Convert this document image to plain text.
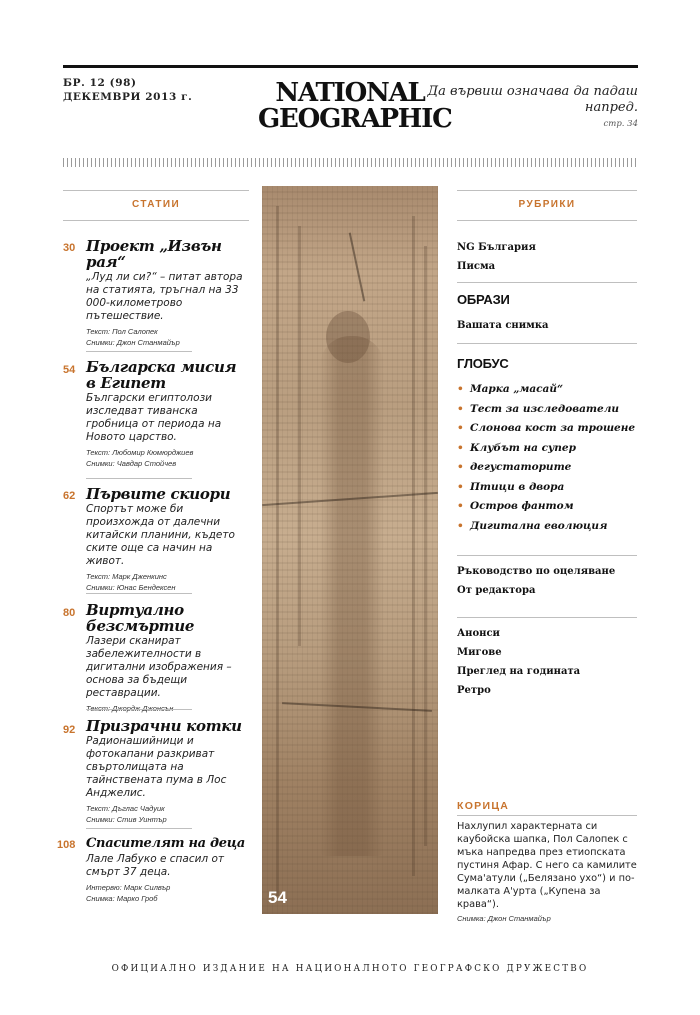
БР. 12 (98)
ДЕКЕМВРИ 2013 г.	NATIONAL
GEOGRAPHIC
Да вървиш означава да падаш напред.
стр. 34
СТАТИИ
30 Проект „Извън рая“
„Луд ли си?“ – питат автора на статията, тръгнал на 33 000-километрово пътешествие.
Текст: Пол Салопек
Снимки: Джон Станмайър
54 Българска мисия в Египет
Български египтолози изследват тиванска гробница от периода на Новото царство.
Текст: Любомир Кюмюрджиев
Снимки: Чавдар Стойчев
62 Първите скиори
Спортът може би произхожда от далечни китайски планини, където ските още са начин на живот.
Текст: Марк Дженкинс
Снимки: Юнас Бендексен
80 Виртуално безсмъртие
Лазери сканират забележителности в дигитални изображения – основа за бъдещи реставрации.
92 Призрачни котки
Радионашийници и фотокапани разкриват свъртолищата на тайнствената пума в Лос Анджелис.
Текст: Дъглас Чадуик
Снимки: Стив Уинтър
108 Спасителят на деца
Лале Лабуко е спасил от смърт 37 деца.
Интервю: Марк Силвър
Снимка: Марко Гроб	54
РУБРИКИ
NG България
Писма
ОБРАЗИ
Вашата снимка
ГЛОБУС
• Марка „масай“
• Тест за изследователи
• Слонова кост за трошене
• Клубът на супер
• дегустаторите
• Птици в двора
• Остров фантом
• Дигитална еволюция
Ръководство по оцеляване
От редактора
Анонси
Мигове
Преглед на годината
Ретро
КОРИЦА
Нахлупил характерната си каубойска шапка, Пол Салопек с мъка напредва през етиопската пустиня Афар. С него са камилите Сума'атули („Белязано ухо“) и по-малката А'урта („Купена за крава“).
Снимка: Джон Станмайър
ОФИЦИАЛНО ИЗДАНИЕ НА НАЦИОНАЛНОТО ГЕОГРАФСКО ДРУЖЕСТВО
